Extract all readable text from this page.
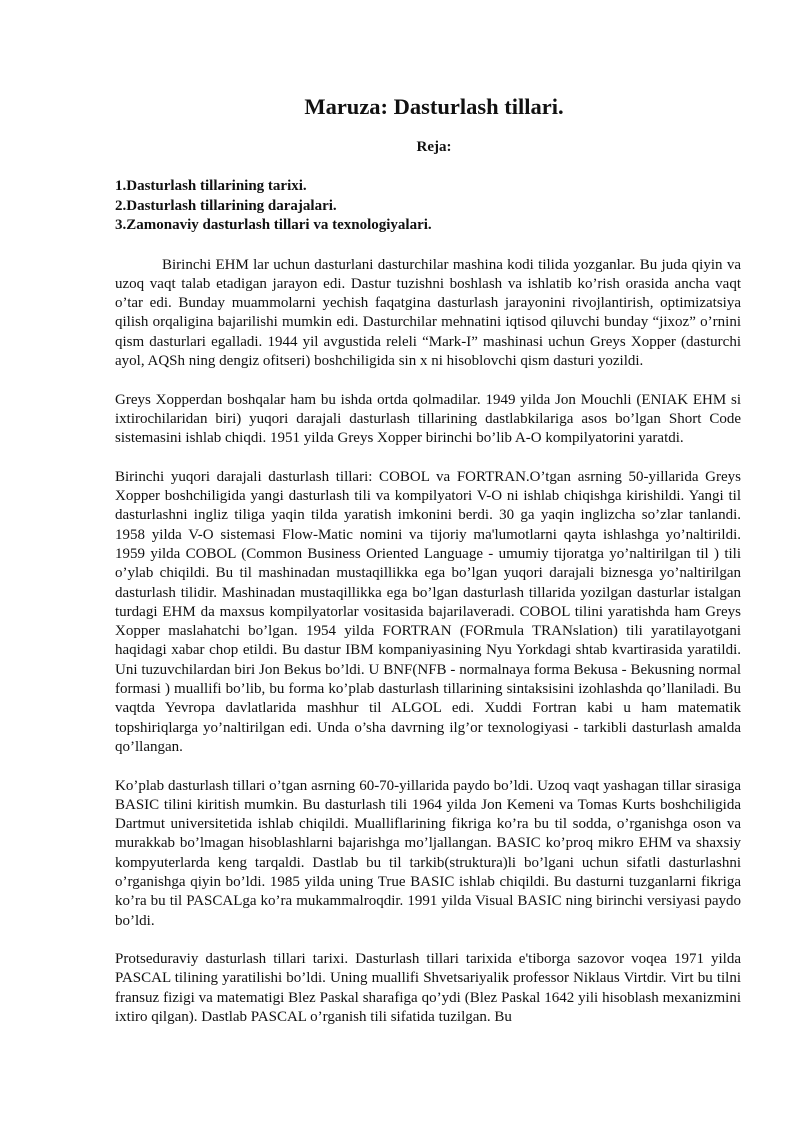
Maruza: Dasturlash tillari.
Reja:
1.Dasturlash tillarining tarixi.
2.Dasturlash tillarining darajalari.
3.Zamonaviy dasturlash tillari va texnologiyalari.

Birinchi EHM lar uchun dasturlani dasturchilar mashina kodi tilida yozganlar. Bu juda qiyin va uzoq vaqt talab etadigan jarayon edi. Dastur tuzishni boshlash va ishlatib ko’rish orasida ancha vaqt o’tar edi. Bunday muammolarni yechish faqatgina dasturlash jarayonini rivojlantirish, optimizatsiya qilish orqaligina bajarilishi mumkin edi. Dasturchilar mehnatini iqtisod qiluvchi bunday “jixoz” o’rnini qism dasturlari egalladi. 1944 yil avgustida releli “Mark-I” mashinasi uchun Greys Xopper (dasturchi ayol, AQSh ning dengiz ofitseri) boshchiligida sin x ni hisoblovchi qism dasturi yozildi.

Greys Xopperdan boshqalar ham bu ishda ortda qolmadilar. 1949 yilda Jon Mouchli (ENIAK EHM si ixtirochilaridan biri) yuqori darajali dasturlash tillarining dastlabkilariga asos bo’lgan Short Code sistemasini ishlab chiqdi. 1951 yilda Greys Xopper birinchi bo’lib A-O kompilyatorini yaratdi.

Birinchi yuqori darajali dasturlash tillari: COBOL va FORTRAN.O’tgan asrning 50-yillarida Greys Xopper boshchiligida yangi dasturlash tili va kompilyatori V-O ni ishlab chiqishga kirishildi. Yangi til dasturlashni ingliz tiliga yaqin tilda yaratish imkonini berdi. 30 ga yaqin inglizcha so’zlar tanlandi. 1958 yilda V-O sistemasi Flow-Matic nomini va tijoriy ma'lumotlarni qayta ishlashga yo’naltirildi. 1959 yilda COBOL (Common Business Oriented Language - umumiy tijoratga yo’naltirilgan til ) tili o’ylab chiqildi. Bu til mashinadan mustaqillikka ega bo’lgan yuqori darajali biznesga yo’naltirilgan dasturlash tilidir. Mashinadan mustaqillikka ega bo’lgan dasturlash tillarida yozilgan dasturlar istalgan turdagi EHM da maxsus kompilyatorlar vositasida bajarilaveradi. COBOL tilini yaratishda ham Greys Xopper maslahatchi bo’lgan. 1954 yilda FORTRAN (FORmula TRANslation) tili yaratilayotgani haqidagi xabar chop etildi. Bu dastur IBM kompaniyasining Nyu Yorkdagi shtab kvartirasida yaratildi. Uni tuzuvchilardan biri Jon Bekus bo’ldi. U BNF(NFB - normalnaya forma Bekusa - Bekusning normal formasi ) muallifi bo’lib, bu forma ko’plab dasturlash tillarining sintaksisini izohlashda qo’llaniladi. Bu vaqtda Yevropa davlatlarida mashhur til ALGOL edi. Xuddi Fortran kabi u ham matematik topshiriqlarga yo’naltirilgan edi. Unda o’sha davrning ilg’or texnologiyasi - tarkibli dasturlash amalda qo’llangan.

Ko’plab dasturlash tillari o’tgan asrning 60-70-yillarida paydo bo’ldi. Uzoq vaqt yashagan tillar sirasiga BASIC tilini kiritish mumkin. Bu dasturlash tili 1964 yilda Jon Kemeni va Tomas Kurts boshchiligida Dartmut universitetida ishlab chiqildi. Mualliflarining fikriga ko’ra bu til sodda, o’rganishga oson va murakkab bo’lmagan hisoblashlarni bajarishga mo’ljallangan. BASIC ko’proq mikro EHM va shaxsiy kompyuterlarda keng tarqaldi. Dastlab bu til tarkib(struktura)li bo’lgani uchun sifatli dasturlashni o’rganishga qiyin bo’ldi. 1985 yilda uning True BASIC ishlab chiqildi. Bu dasturni tuzganlarni fikriga ko’ra bu til PASCALga ko’ra mukammalroqdir. 1991 yilda Visual BASIC ning birinchi versiyasi paydo bo’ldi.

Protseduraviy dasturlash tillari tarixi. Dasturlash tillari tarixida e'tiborga sazovor voqea 1971 yilda PASCAL tilining yaratilishi bo’ldi. Uning muallifi Shvetsariyalik professor Niklaus Virtdir. Virt bu tilni fransuz fizigi va matematigi Blez Paskal sharafiga qo’ydi (Blez Paskal 1642 yili hisoblash mexanizmini ixtiro qilgan). Dastlab PASCAL o’rganish tili sifatida tuzilgan. Bu
